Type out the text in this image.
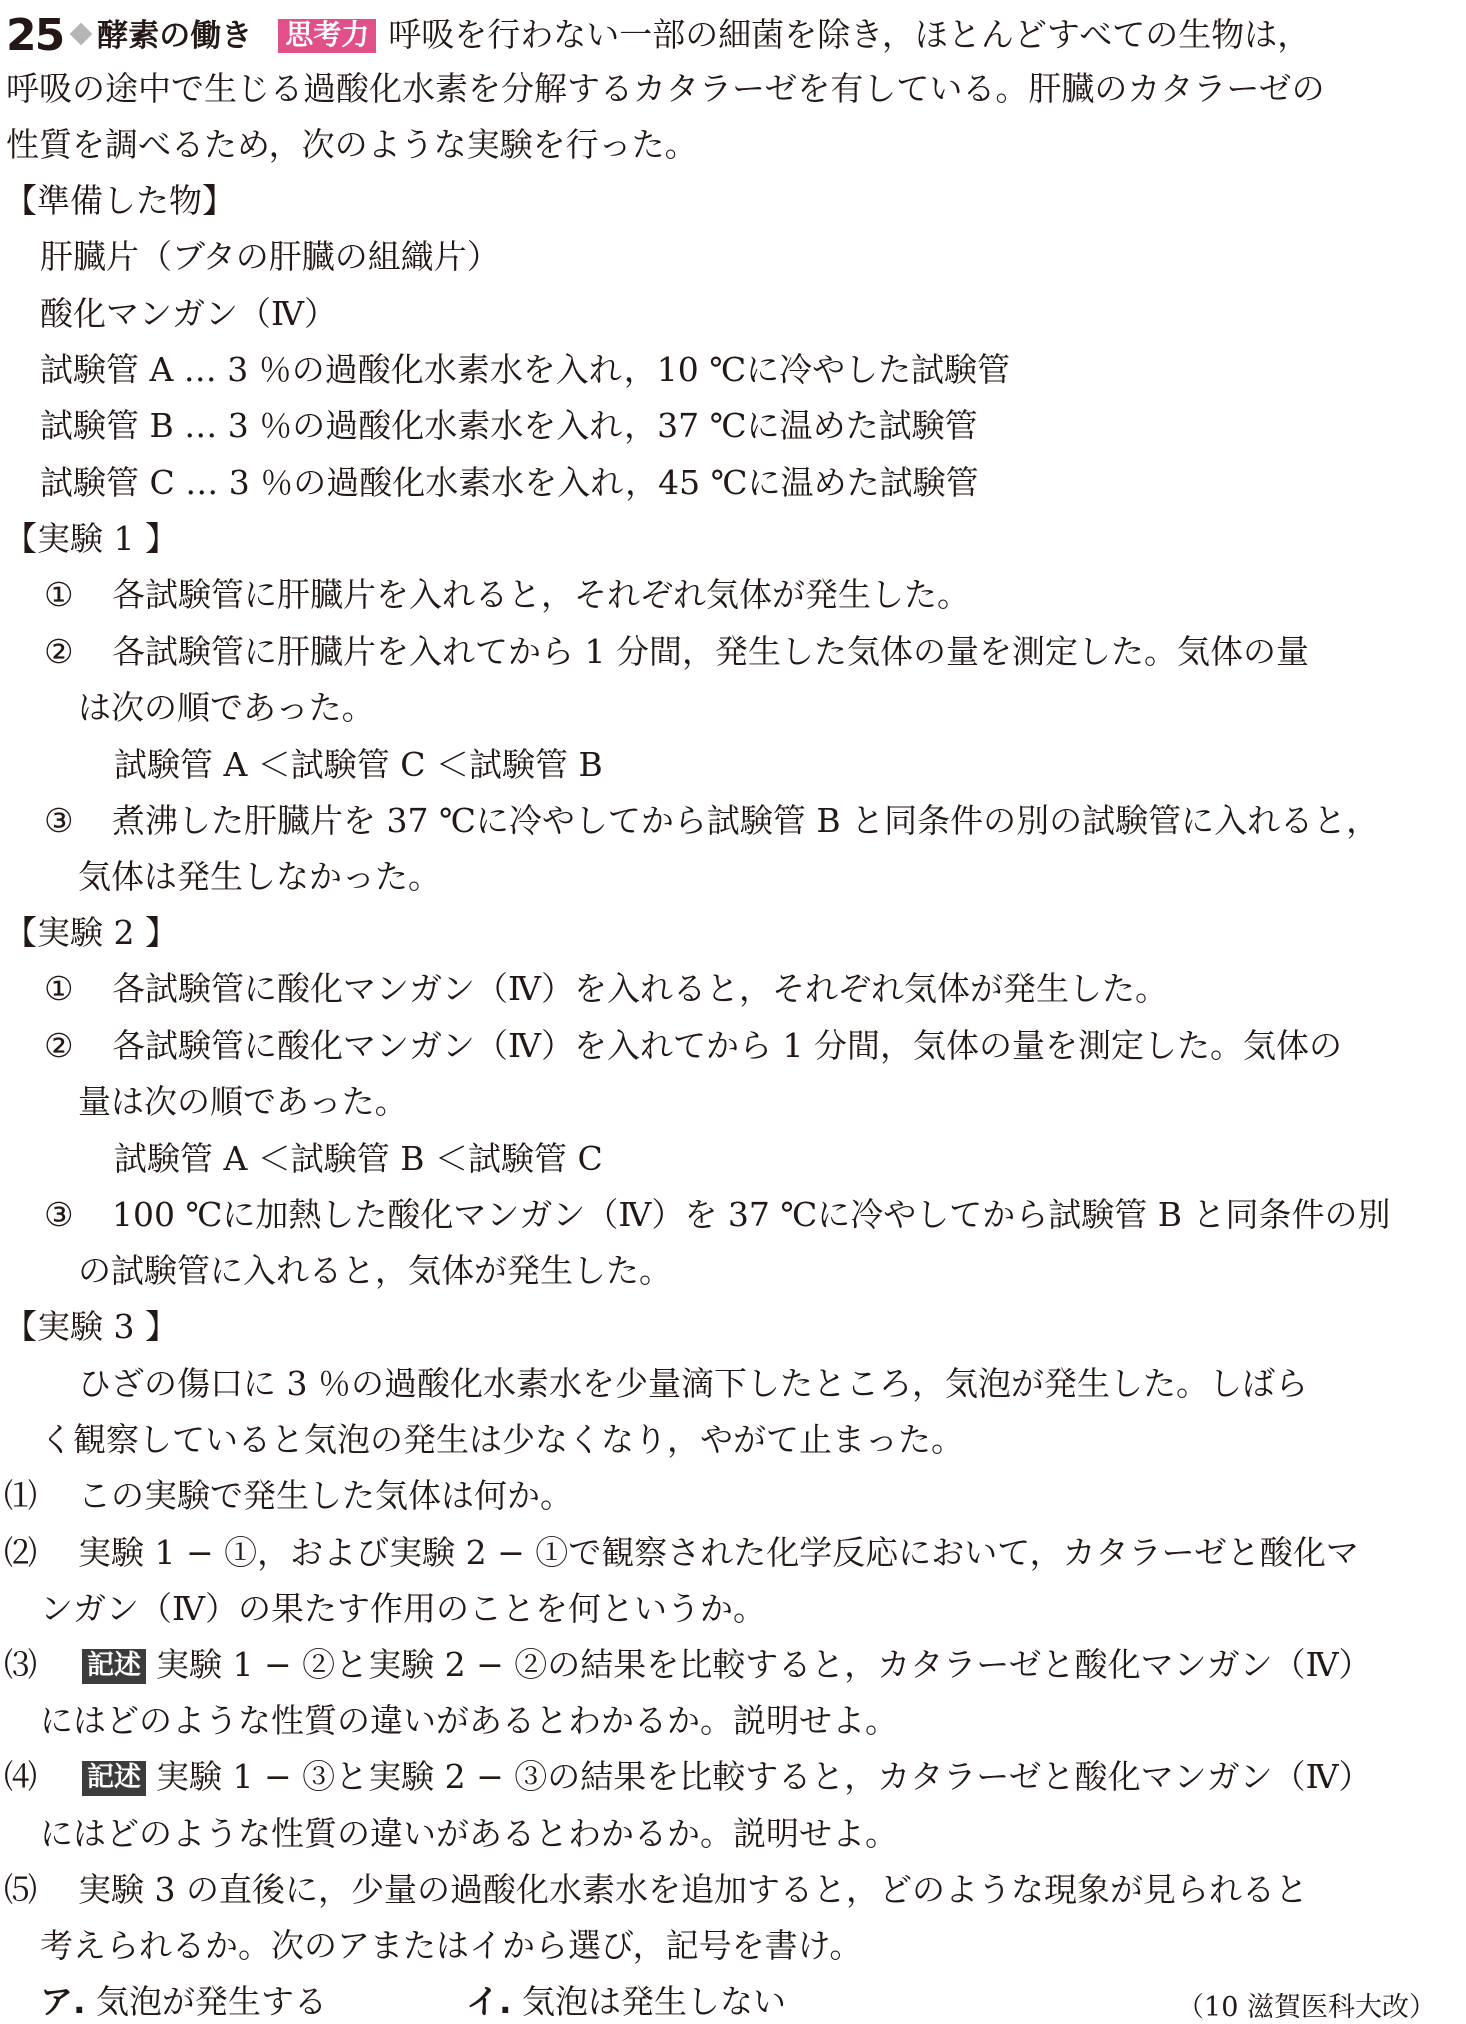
25 酵素の働き 思考力 呼吸を行わない一部の細菌を除き，ほとんどすべての生物は，
呼吸の途中で生じる過酸化水素を分解するカタラーゼを有している。肝臓のカタラーゼの
性質を調べるため，次のような実験を行った。
【準備した物】
肝臓片（ブタの肝臓の組織片）
酸化マンガン（Ⅳ）
試験管 A … 3 ％の過酸化水素水を入れ，10 ℃に冷やした試験管
試験管 B … 3 ％の過酸化水素水を入れ，37 ℃に温めた試験管
試験管 C … 3 ％の過酸化水素水を入れ，45 ℃に温めた試験管
【実験 1 】
① 各試験管に肝臓片を入れると，それぞれ気体が発生した。
② 各試験管に肝臓片を入れてから 1 分間，発生した気体の量を測定した。気体の量
は次の順であった。
試験管 A ＜試験管 C ＜試験管 B
③ 煮沸した肝臓片を 37 ℃に冷やしてから試験管 B と同条件の別の試験管に入れると，
気体は発生しなかった。
【実験 2 】
① 各試験管に酸化マンガン（Ⅳ）を入れると，それぞれ気体が発生した。
② 各試験管に酸化マンガン（Ⅳ）を入れてから 1 分間，気体の量を測定した。気体の
量は次の順であった。
試験管 A ＜試験管 B ＜試験管 C
③ 100 ℃に加熱した酸化マンガン（Ⅳ）を 37 ℃に冷やしてから試験管 B と同条件の別
の試験管に入れると，気体が発生した。
【実験 3 】
ひざの傷口に 3 ％の過酸化水素水を少量滴下したところ，気泡が発生した。しばら
く観察していると気泡の発生は少なくなり，やがて止まった。
⑴ この実験で発生した気体は何か。
⑵ 実験 1 − ①，および実験 2 − ①で観察された化学反応において，カタラーゼと酸化マ
ンガン（Ⅳ）の果たす作用のことを何というか。
⑶ 記述 実験 1 − ②と実験 2 − ②の結果を比較すると，カタラーゼと酸化マンガン（Ⅳ）
にはどのような性質の違いがあるとわかるか。説明せよ。
⑷ 記述 実験 1 − ③と実験 2 − ③の結果を比較すると，カタラーゼと酸化マンガン（Ⅳ）
にはどのような性質の違いがあるとわかるか。説明せよ。
⑸ 実験 3 の直後に，少量の過酸化水素水を追加すると，どのような現象が見られると
考えられるか。次のアまたはイから選び，記号を書け。
ア. 気泡が発生する	イ. 気泡は発生しない	（10 滋賀医科大改）
